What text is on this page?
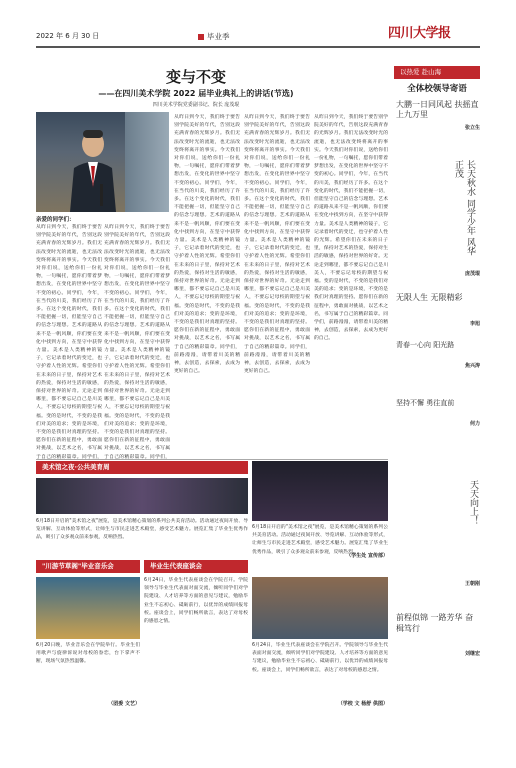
2022 年 6 月 30 日	毕业季	四川大学报
变与不变
——在四川美术学院 2022 届毕业典礼上的讲话(节选)
四川美术学院党委副书记、院长 庞茂琨
亲爱的同学们：
从昨日到今天，我们终于要告别学院美好的年代，告别这段充满青春的光辉岁月。我们无法改变时光的流逝，也无法改变终将离开的事实。今天我们对你们说，送给你们一份礼物，一句嘱托，愿你们带着梦想出发，在变化的世界中坚守不变的初心。同学们，今年，在当代的川美，我们经历了许多。在这个变化的时代，我们不能把握一切，但能坚守自己的信念与理想。艺术的道路从来不是一帆风顺，你们要在变化中找到方向，在坚守中获得力量。美术是人类精神的镜子，它记录着时代的变迁，也守护着人性的光辉。希望你们在未来的日子里，保持对艺术的热爱，保持对生活的敏感，保持对世界的好奇。无论走到哪里，都不要忘记自己是川美人，不要忘记母校的期望与祝福。变的是时代，不变的是我们对美的追求；变的是环境，不变的是我们对真理的坚持。愿你们在新的征程中，勇敢面对挑战，以艺术之名，书写属于自己的精彩篇章。同学们，
从昨日到今天，我们终于要告别学院美好的年代，告别这段充满青春的光辉岁月。我们无法改变时光的流逝，也无法改变终将离开的事实。今天我们对你们说，送给你们一份礼物，一句嘱托，愿你们带着梦想出发，在变化的世界中坚守不变的初心。同学们，今年，在当代的川美，我们经历了许多。在这个变化的时代，我们不能把握一切，但能坚守自己的信念与理想。艺术的道路从来不是一帆风顺，你们要在变化中找到方向，在坚守中获得力量。美术是人类精神的镜子，它记录着时代的变迁，也守护着人性的光辉。希望你们在未来的日子里，保持对艺术的热爱，保持对生活的敏感，保持对世界的好奇。无论走到哪里，都不要忘记自己是川美人，不要忘记母校的期望与祝福。变的是时代，不变的是我们对美的追求；变的是环境，不变的是我们对真理的坚持。愿你们在新的征程中，勇敢面对挑战，以艺术之名，书写属于自己的精彩篇章。同学们，
从昨日到今天，我们终于要告别学院美好的年代，告别这段充满青春的光辉岁月。我们无法改变时光的流逝，也无法改变终将离开的事实。今天我们对你们说，送给你们一份礼物，一句嘱托，愿你们带着梦想出发，在变化的世界中坚守不变的初心。同学们，今年，在当代的川美，我们经历了许多。在这个变化的时代，我们不能把握一切，但能坚守自己的信念与理想。艺术的道路从来不是一帆风顺，你们要在变化中找到方向，在坚守中获得力量。美术是人类精神的镜子，它记录着时代的变迁，也守护着人性的光辉。希望你们在未来的日子里，保持对艺术的热爱，保持对生活的敏感，保持对世界的好奇。无论走到哪里，都不要忘记自己是川美人，不要忘记母校的期望与祝福。变的是时代，不变的是我们对美的追求；变的是环境，不变的是我们对真理的坚持。愿你们在新的征程中，勇敢面对挑战，以艺术之名，书写属于自己的精彩篇章。同学们，前路漫漫，请带着川美的精神，去创造，去探索，去成为更好的自己。
从昨日到今天，我们终于要告别学院美好的年代，告别这段充满青春的光辉岁月。我们无法改变时光的流逝，也无法改变终将离开的事实。今天我们对你们说，送给你们一份礼物，一句嘱托，愿你们带着梦想出发，在变化的世界中坚守不变的初心。同学们，今年，在当代的川美，我们经历了许多。在这个变化的时代，我们不能把握一切，但能坚守自己的信念与理想。艺术的道路从来不是一帆风顺，你们要在变化中找到方向，在坚守中获得力量。美术是人类精神的镜子，它记录着时代的变迁，也守护着人性的光辉。希望你们在未来的日子里，保持对艺术的热爱，保持对生活的敏感，保持对世界的好奇。无论走到哪里，都不要忘记自己是川美人，不要忘记母校的期望与祝福。变的是时代，不变的是我们对美的追求；变的是环境，不变的是我们对真理的坚持。愿你们在新的征程中，勇敢面对挑战，以艺术之名，书写属于自己的精彩篇章。同学们，前路漫漫，请带着川美的精神，去创造，去探索，去成为更好的自己。
从昨日到今天，我们终于要告别学院美好的年代，告别这段充满青春的光辉岁月。我们无法改变时光的流逝，也无法改变终将离开的事实。今天我们对你们说，送给你们一份礼物，一句嘱托，愿你们带着梦想出发，在变化的世界中坚守不变的初心。同学们，今年，在当代的川美，我们经历了许多。在这个变化的时代，我们不能把握一切，但能坚守自己的信念与理想。艺术的道路从来不是一帆风顺，你们要在变化中找到方向，在坚守中获得力量。美术是人类精神的镜子，它记录着时代的变迁，也守护着人性的光辉。希望你们在未来的日子里，保持对艺术的热爱，保持对生活的敏感，保持对世界的好奇。无论走到哪里，都不要忘记自己是川美人，不要忘记母校的期望与祝福。变的是时代，不变的是我们对美的追求；变的是环境，不变的是我们对真理的坚持。愿你们在新的征程中，勇敢面对挑战，以艺术之名，书写属于自己的精彩篇章。同学们，前路漫漫，请带着川美的精神，去创造，去探索，去成为更好的自己。
以热爱 赴山海
全体校领导寄语
大鹏一日同风起 扶摇直上九万里
张立生
长天秋水 同学少年 风华正茂
庞茂琨
无限人生 无限精彩
李旭
青春一心向 阳光路
焦兴涛
坚持不懈 勇往直前
何力
美术馆之夜·公共美育周
6月18日开启的"美术馆之夜"展览，是美术馆精心策划的系列公共美育活动。活动通过夜间开放、导览讲解、互动体验等形式，让师生与市民走进艺术殿堂，感受艺术魅力。展览汇集了毕业生优秀作品，吸引了众多观众前来参观，反响热烈。
6月18日开启的"美术馆之夜"展览，是美术馆精心策划的系列公共美育活动。活动通过夜间开放、导览讲解、互动体验等形式，让师生与市民走进艺术殿堂，感受艺术魅力。展览汇集了毕业生优秀作品，吸引了众多观众前来参观，反响热烈。
（学生处 宣传部）
"川游节草阁"毕业音乐会
6月20日晚，毕业音乐会在学院举行。毕业生们用歌声与旋律诉说对母校的眷恋，台下掌声不断，现场气氛热烈温馨。
（团委 文艺）
毕业生代表座谈会
6月24日，毕业生代表座谈会在学院召开。学院领导与毕业生代表面对面交流，倾听同学们对学院建设、人才培养等方面的意见与建议，勉励毕业生不忘初心、砥砺前行，以优异的成绩回报母校。座谈会上，同学们畅所欲言，表达了对母校的感恩之情。
6月24日，毕业生代表座谈会在学院召开。学院领导与毕业生代表面对面交流，倾听同学们对学院建设、人才培养等方面的意见与建议，勉励毕业生不忘初心、砥砺前行，以优异的成绩回报母校。座谈会上，同学们畅所欲言，表达了对母校的感恩之情。
（学校 文 杨舒 供图）
天天向上！
王朝刚
前程似锦 一路芳华 奋楫笃行
刘继宏
